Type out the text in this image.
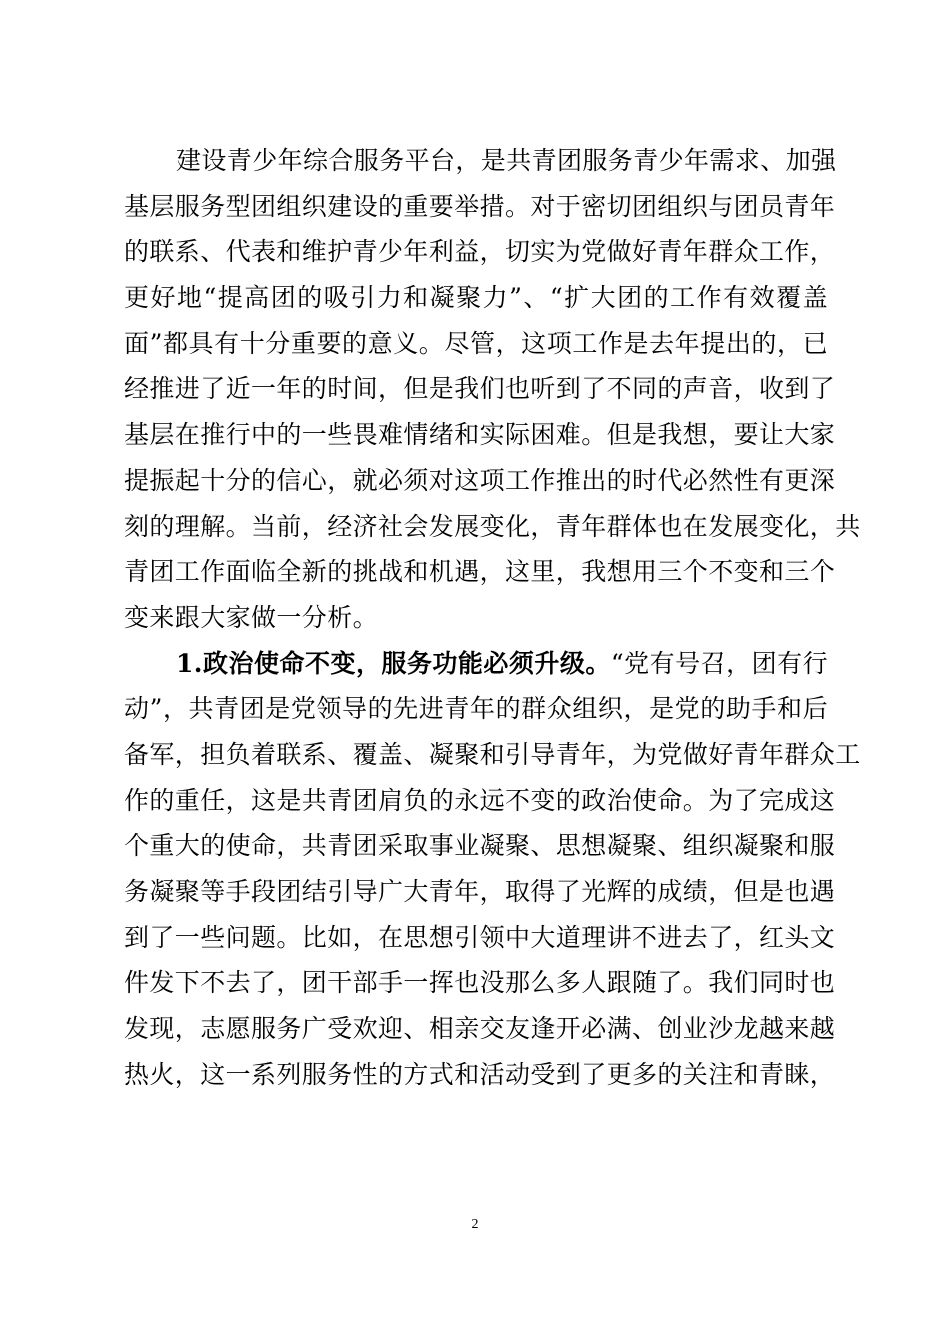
建设青少年综合服务平台，是共青团服务青少年需求、加强
基层服务型团组织建设的重要举措。对于密切团组织与团员青年
的联系、代表和维护青少年利益，切实为党做好青年群众工作，
更好地“提高团的吸引力和凝聚力”、“扩大团的工作有效覆盖
面”都具有十分重要的意义。尽管，这项工作是去年提出的，已
经推进了近一年的时间，但是我们也听到了不同的声音，收到了
基层在推行中的一些畏难情绪和实际困难。但是我想，要让大家
提振起十分的信心，就必须对这项工作推出的时代必然性有更深
刻的理解。当前，经济社会发展变化，青年群体也在发展变化，共
青团工作面临全新的挑战和机遇，这里，我想用三个不变和三个
变来跟大家做一分析。
1.政治使命不变，服务功能必须升级。“党有号召，团有行
动”，共青团是党领导的先进青年的群众组织，是党的助手和后
备军，担负着联系、覆盖、凝聚和引导青年，为党做好青年群众工
作的重任，这是共青团肩负的永远不变的政治使命。为了完成这
个重大的使命，共青团采取事业凝聚、思想凝聚、组织凝聚和服
务凝聚等手段团结引导广大青年，取得了光辉的成绩，但是也遇
到了一些问题。比如，在思想引领中大道理讲不进去了，红头文
件发下不去了，团干部手一挥也没那么多人跟随了。我们同时也
发现，志愿服务广受欢迎、相亲交友逢开必满、创业沙龙越来越
热火，这一系列服务性的方式和活动受到了更多的关注和青睐，
2
